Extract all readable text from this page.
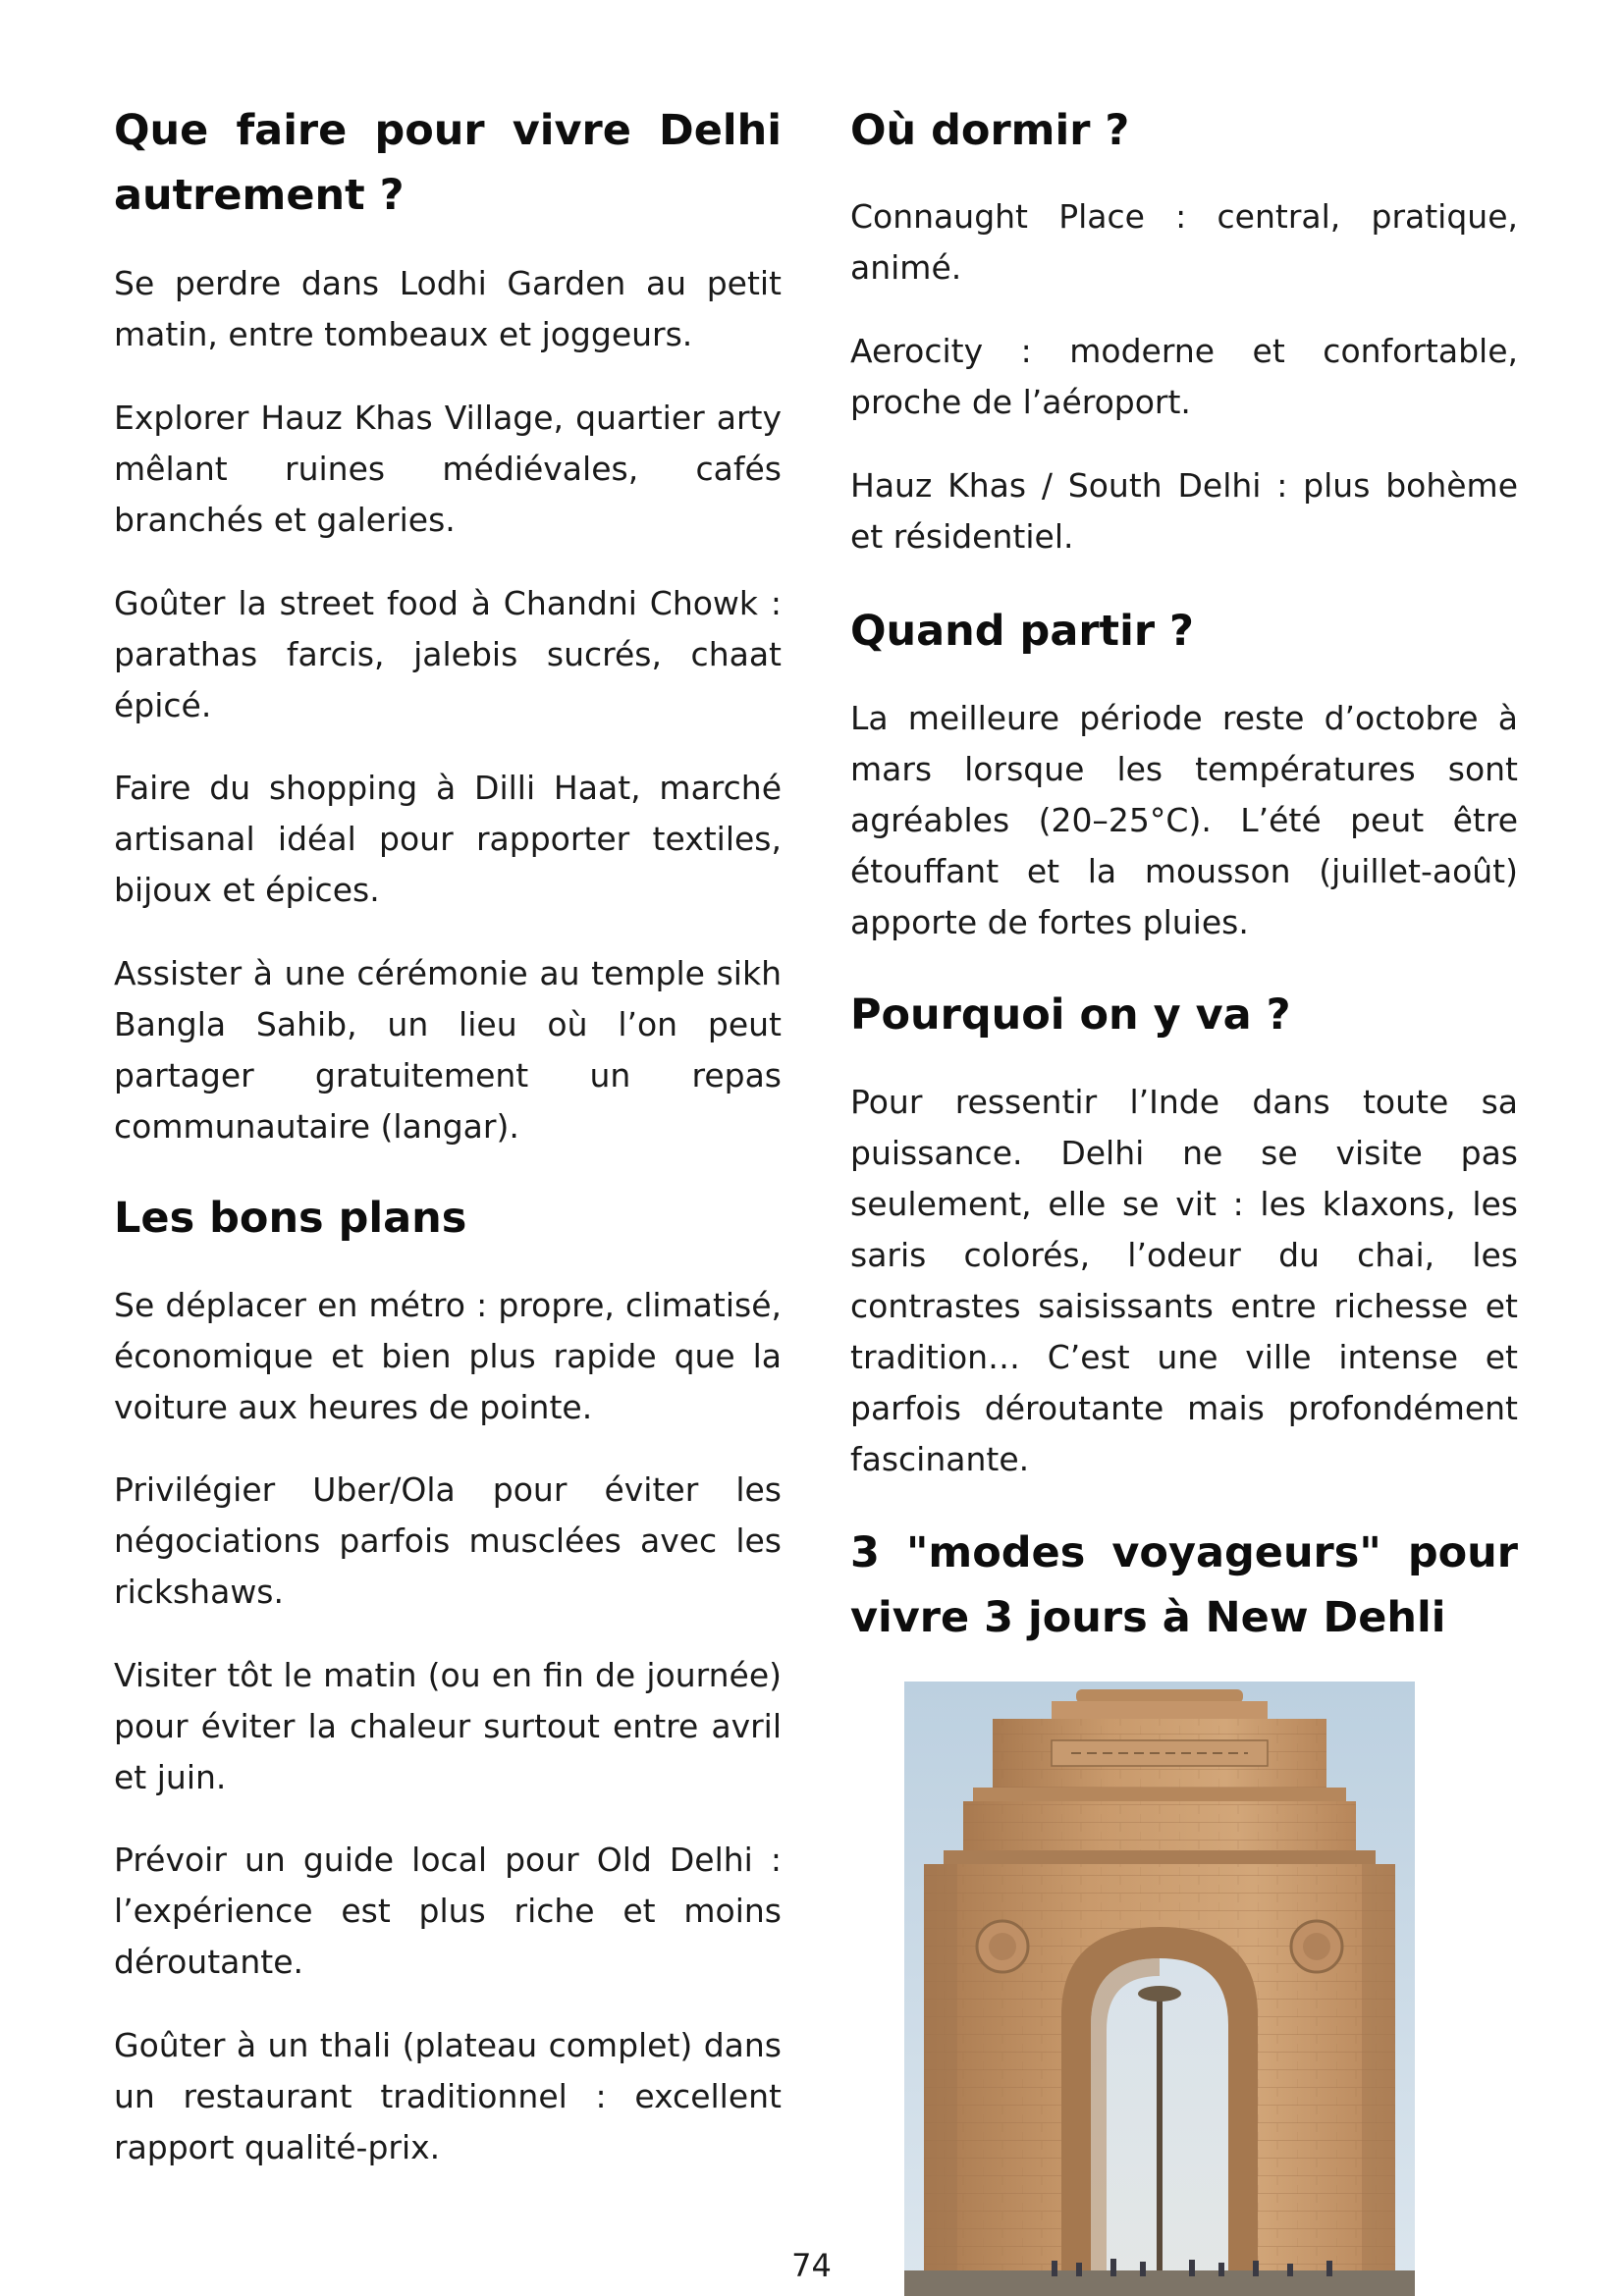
Que faire pour vivre Delhi autrement ?

Se perdre dans Lodhi Garden au petit matin, entre tombeaux et joggeurs.

Explorer Hauz Khas Village, quartier arty mêlant ruines médiévales, cafés branchés et galeries.

Goûter la street food à Chandni Chowk : parathas farcis, jalebis sucrés, chaat épicé.

Faire du shopping à Dilli Haat, marché artisanal idéal pour rapporter textiles, bijoux et épices.

Assister à une cérémonie au temple sikh Bangla Sahib, un lieu où l’on peut partager gratuitement un repas communautaire (langar).

Les bons plans

Se déplacer en métro : propre, climatisé, économique et bien plus rapide que la voiture aux heures de pointe.

Privilégier Uber/Ola pour éviter les négociations parfois musclées avec les rickshaws.

Visiter tôt le matin (ou en fin de journée) pour éviter la chaleur surtout entre avril et juin.

Prévoir un guide local pour Old Delhi : l’expérience est plus riche et moins déroutante.

Goûter à un thali (plateau complet) dans un restaurant traditionnel : excellent rapport qualité-prix.

Où dormir ?

Connaught Place : central, pratique, animé.

Aerocity : moderne et confortable, proche de l’aéroport.

Hauz Khas / South Delhi : plus bohème et résidentiel.

Quand partir ?

La meilleure période reste d’octobre à mars lorsque les températures sont agréables (20–25°C). L’été peut être étouffant et la mousson (juillet-août) apporte de fortes pluies.

Pourquoi on y va ?

Pour ressentir l’Inde dans toute sa puissance. Delhi ne se visite pas seulement, elle se vit : les klaxons, les saris colorés, l’odeur du chai, les contrastes saisissants entre richesse et tradition… C’est une ville intense et parfois déroutante mais profondément fascinante.

3 "modes voyageurs" pour vivre 3 jours à New Dehli
74
